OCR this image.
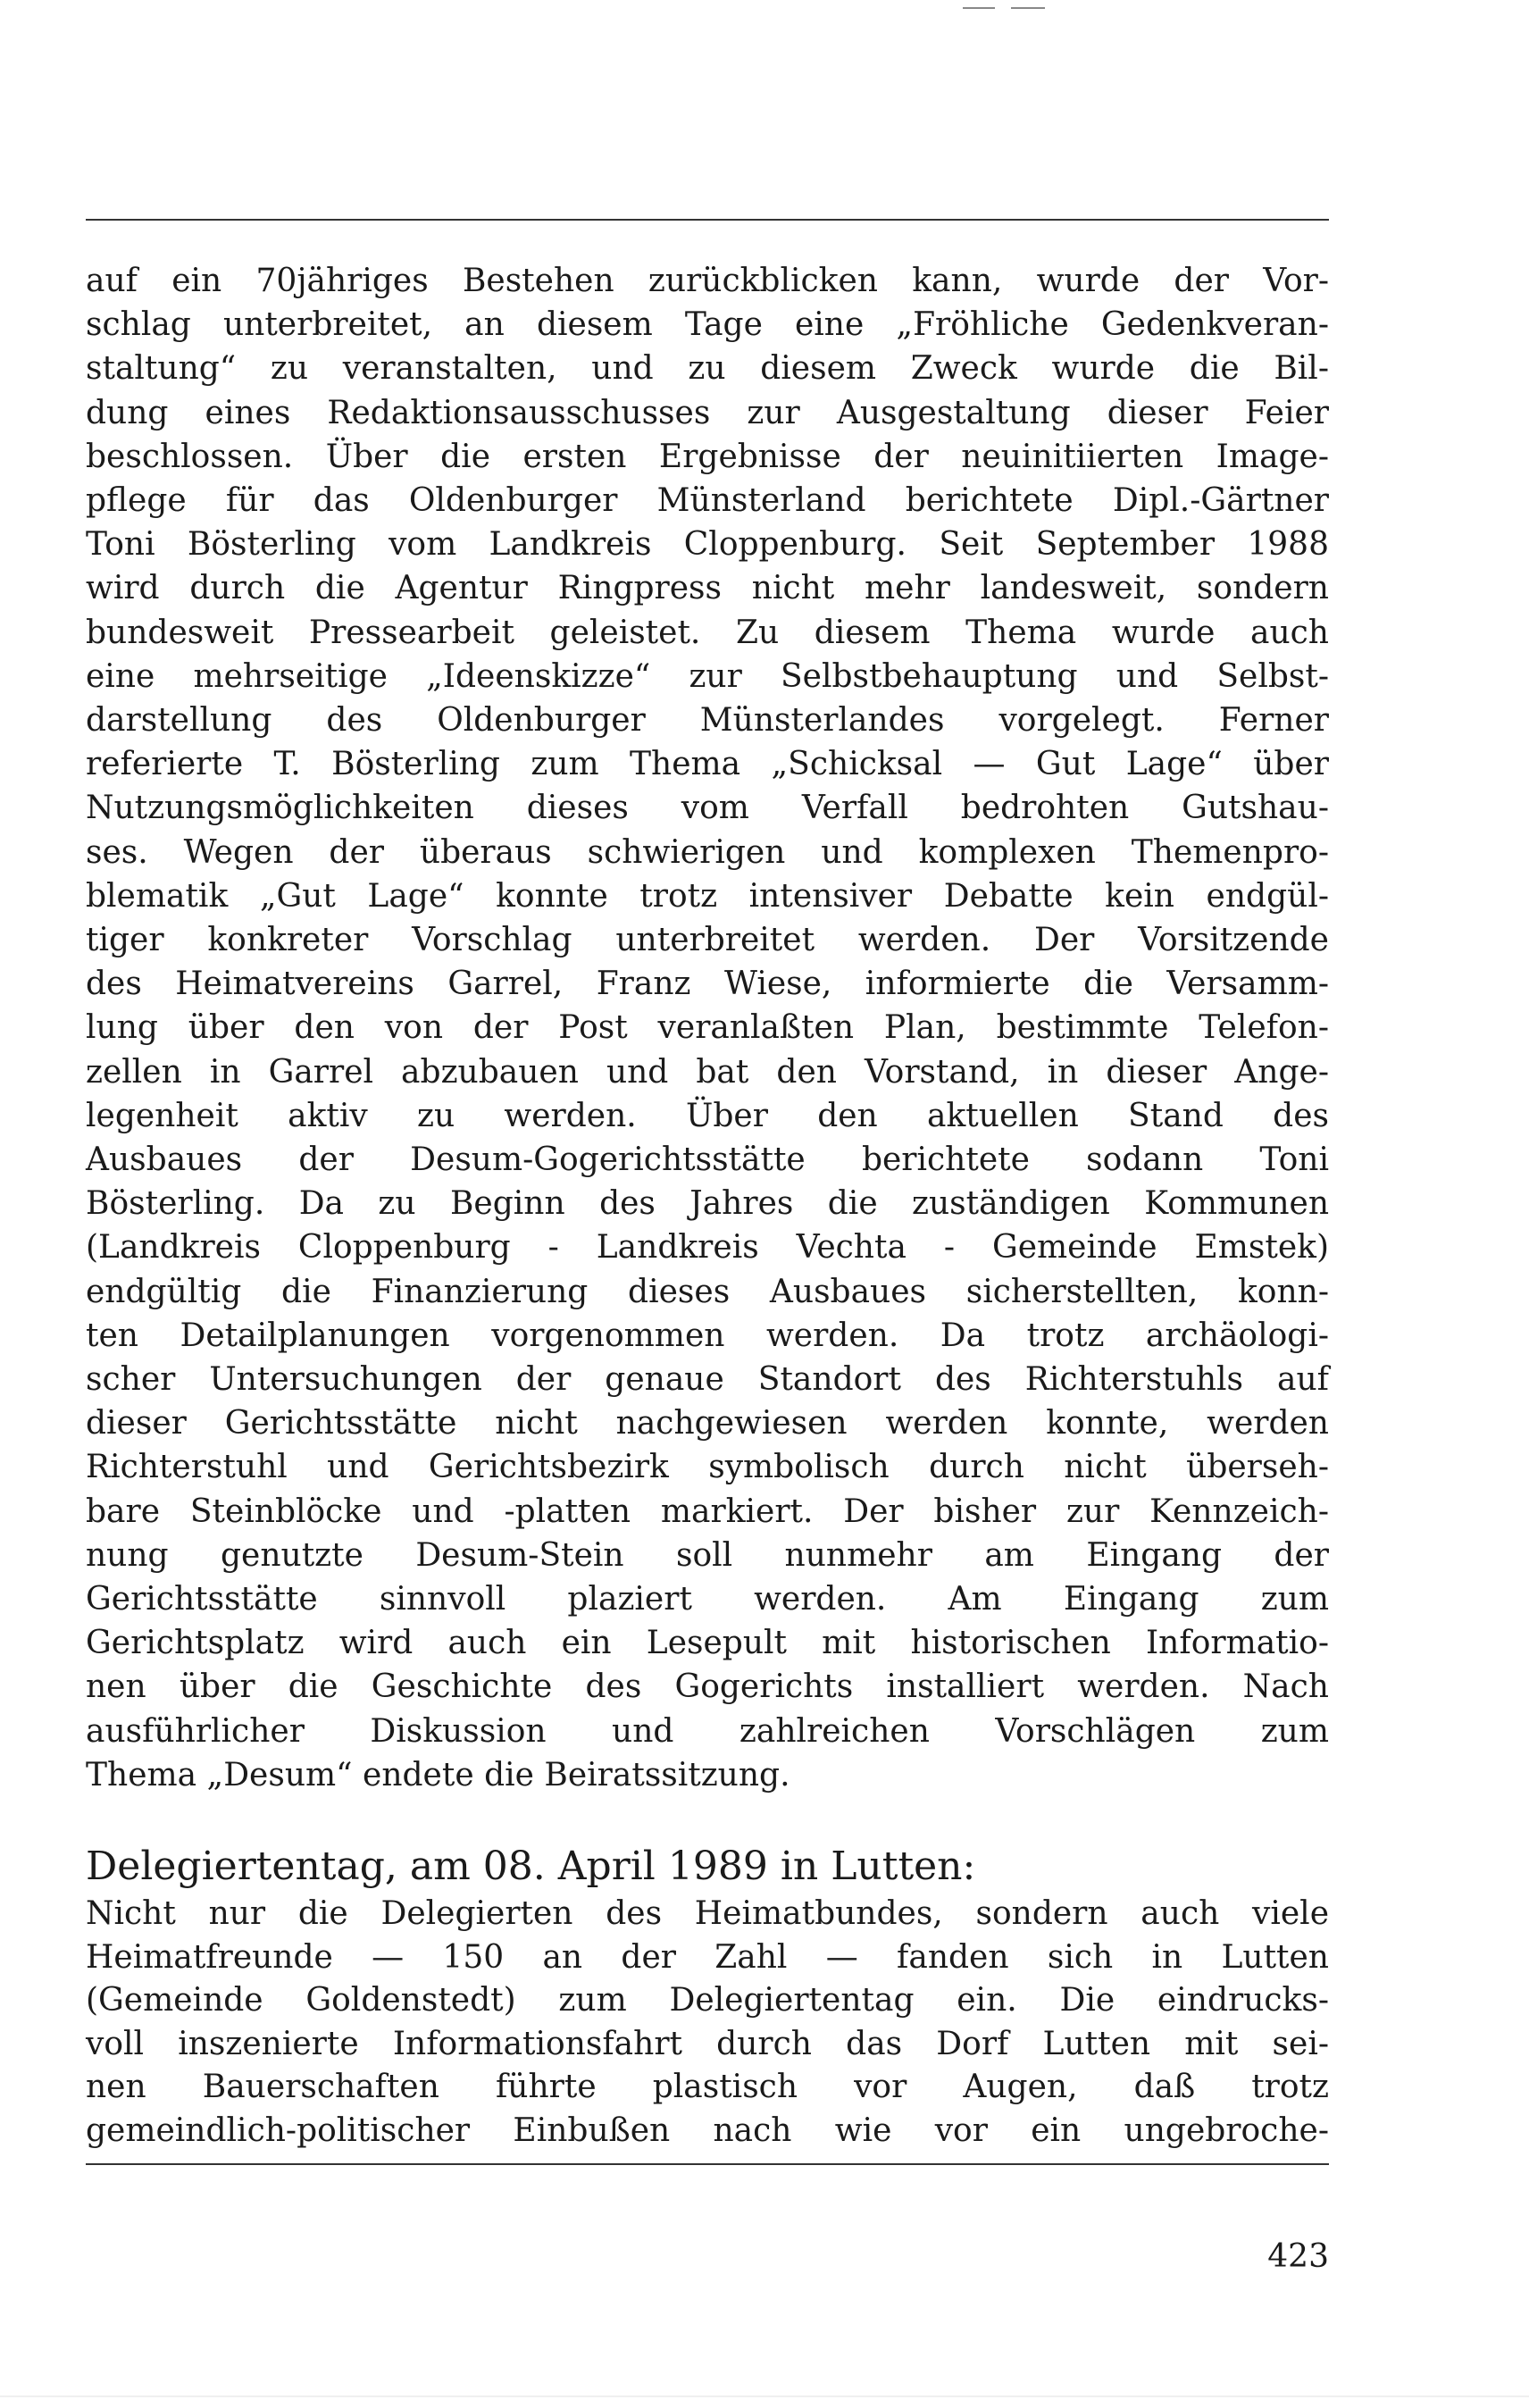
auf ein 70jähriges Bestehen zurückblicken kann, wurde der Vor-
schlag unterbreitet, an diesem Tage eine „Fröhliche Gedenkveran-
staltung“ zu veranstalten, und zu diesem Zweck wurde die Bil-
dung eines Redaktionsausschusses zur Ausgestaltung dieser Feier
beschlossen. Über die ersten Ergebnisse der neuinitiierten Image-
pflege für das Oldenburger Münsterland berichtete Dipl.-Gärtner
Toni Bösterling vom Landkreis Cloppenburg. Seit September 1988
wird durch die Agentur Ringpress nicht mehr landesweit, sondern
bundesweit Pressearbeit geleistet. Zu diesem Thema wurde auch
eine mehrseitige „Ideenskizze“ zur Selbstbehauptung und Selbst-
darstellung des Oldenburger Münsterlandes vorgelegt. Ferner
referierte T. Bösterling zum Thema „Schicksal — Gut Lage“ über
Nutzungsmöglichkeiten dieses vom Verfall bedrohten Gutshau-
ses. Wegen der überaus schwierigen und komplexen Themenpro-
blematik „Gut Lage“ konnte trotz intensiver Debatte kein endgül-
tiger konkreter Vorschlag unterbreitet werden. Der Vorsitzende
des Heimatvereins Garrel, Franz Wiese, informierte die Versamm-
lung über den von der Post veranlaßten Plan, bestimmte Telefon-
zellen in Garrel abzubauen und bat den Vorstand, in dieser Ange-
legenheit aktiv zu werden. Über den aktuellen Stand des
Ausbaues der Desum-Gogerichtsstätte berichtete sodann Toni
Bösterling. Da zu Beginn des Jahres die zuständigen Kommunen
(Landkreis Cloppenburg - Landkreis Vechta - Gemeinde Emstek)
endgültig die Finanzierung dieses Ausbaues sicherstellten, konn-
ten Detailplanungen vorgenommen werden. Da trotz archäologi-
scher Untersuchungen der genaue Standort des Richterstuhls auf
dieser Gerichtsstätte nicht nachgewiesen werden konnte, werden
Richterstuhl und Gerichtsbezirk symbolisch durch nicht überseh-
bare Steinblöcke und -platten markiert. Der bisher zur Kennzeich-
nung genutzte Desum-Stein soll nunmehr am Eingang der
Gerichtsstätte sinnvoll plaziert werden. Am Eingang zum
Gerichtsplatz wird auch ein Lesepult mit historischen Informatio-
nen über die Geschichte des Gogerichts installiert werden. Nach
ausführlicher Diskussion und zahlreichen Vorschlägen zum
Thema „Desum“ endete die Beiratssitzung.
Delegiertentag, am 08. April 1989 in Lutten:
Nicht nur die Delegierten des Heimatbundes, sondern auch viele
Heimatfreunde — 150 an der Zahl — fanden sich in Lutten
(Gemeinde Goldenstedt) zum Delegiertentag ein. Die eindrucks-
voll inszenierte Informationsfahrt durch das Dorf Lutten mit sei-
nen Bauerschaften führte plastisch vor Augen, daß trotz
gemeindlich-politischer Einbußen nach wie vor ein ungebroche-
423
